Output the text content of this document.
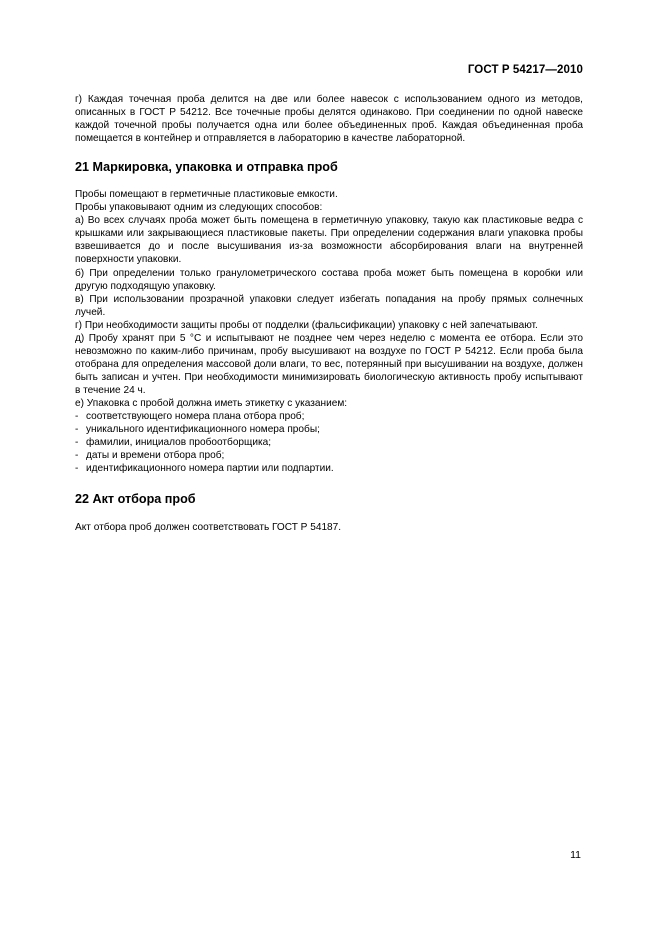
ГОСТ Р 54217—2010

г) Каждая точечная проба делится на две или более навесок с использованием одного из методов, описанных в ГОСТ Р 54212. Все точечные пробы делятся одинаково. При соединении по одной навеске каждой точечной пробы получается одна или более объединенных проб. Каждая объединенная проба помещается в контейнер и отправляется в лабораторию в качестве лабораторной.

21 Маркировка, упаковка и отправка проб

Пробы помещают в герметичные пластиковые емкости.

Пробы упаковывают одним из следующих способов:

а) Во всех случаях проба может быть помещена в герметичную упаковку, такую как пластиковые ведра с крышками или закрывающиеся пластиковые пакеты. При определении содержания влаги упаковка пробы взвешивается до и после высушивания из-за возможности абсорбирования влаги на внутренней поверхности упаковки.

б) При определении только гранулометрического состава проба может быть помещена в коробки или другую подходящую упаковку.

в) При использовании прозрачной упаковки следует избегать попадания на пробу прямых солнечных лучей.

г) При необходимости защиты пробы от подделки (фальсификации) упаковку с ней запечатывают.

д) Пробу хранят при 5 °С и испытывают не позднее чем через неделю с момента ее отбора. Если это невозможно по каким-либо причинам, пробу высушивают на воздухе по ГОСТ Р 54212. Если проба была отобрана для определения массовой доли влаги, то вес, потерянный при высушивании на воздухе, должен быть записан и учтен. При необходимости минимизировать биологическую активность пробу испытывают в течение 24 ч.

е) Упаковка с пробой должна иметь этикетку с указанием:

- соответствующего номера плана отбора проб;
- уникального идентификационного номера пробы;
- фамилии, инициалов пробоотборщика;
- даты и времени отбора проб;
- идентификационного номера партии или подпартии.
22 Акт отбора проб

Акт отбора проб должен соответствовать ГОСТ Р 54187.

11
